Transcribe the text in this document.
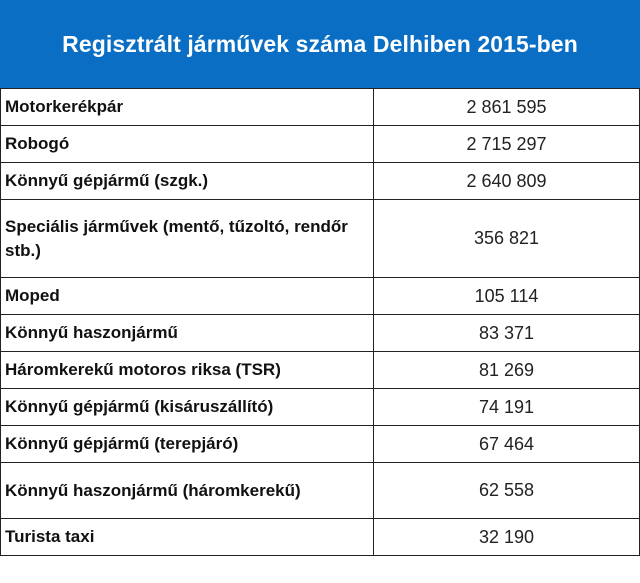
Regisztrált járművek száma Delhiben 2015-ben
Motorkerékpár	2 861 595
Robogó	2 715 297
Könnyű gépjármű (szgk.)	2 640 809
Speciális járművek (mentő, tűzoltó, rendőr stb.)	356 821
Moped	105 114
Könnyű haszonjármű	83 371
Háromkerekű motoros riksa (TSR)	81 269
Könnyű gépjármű (kisáruszállító)	74 191
Könnyű gépjármű (terepjáró)	67 464
Könnyű haszonjármű (háromkerekű)	62 558
Turista taxi	32 190
